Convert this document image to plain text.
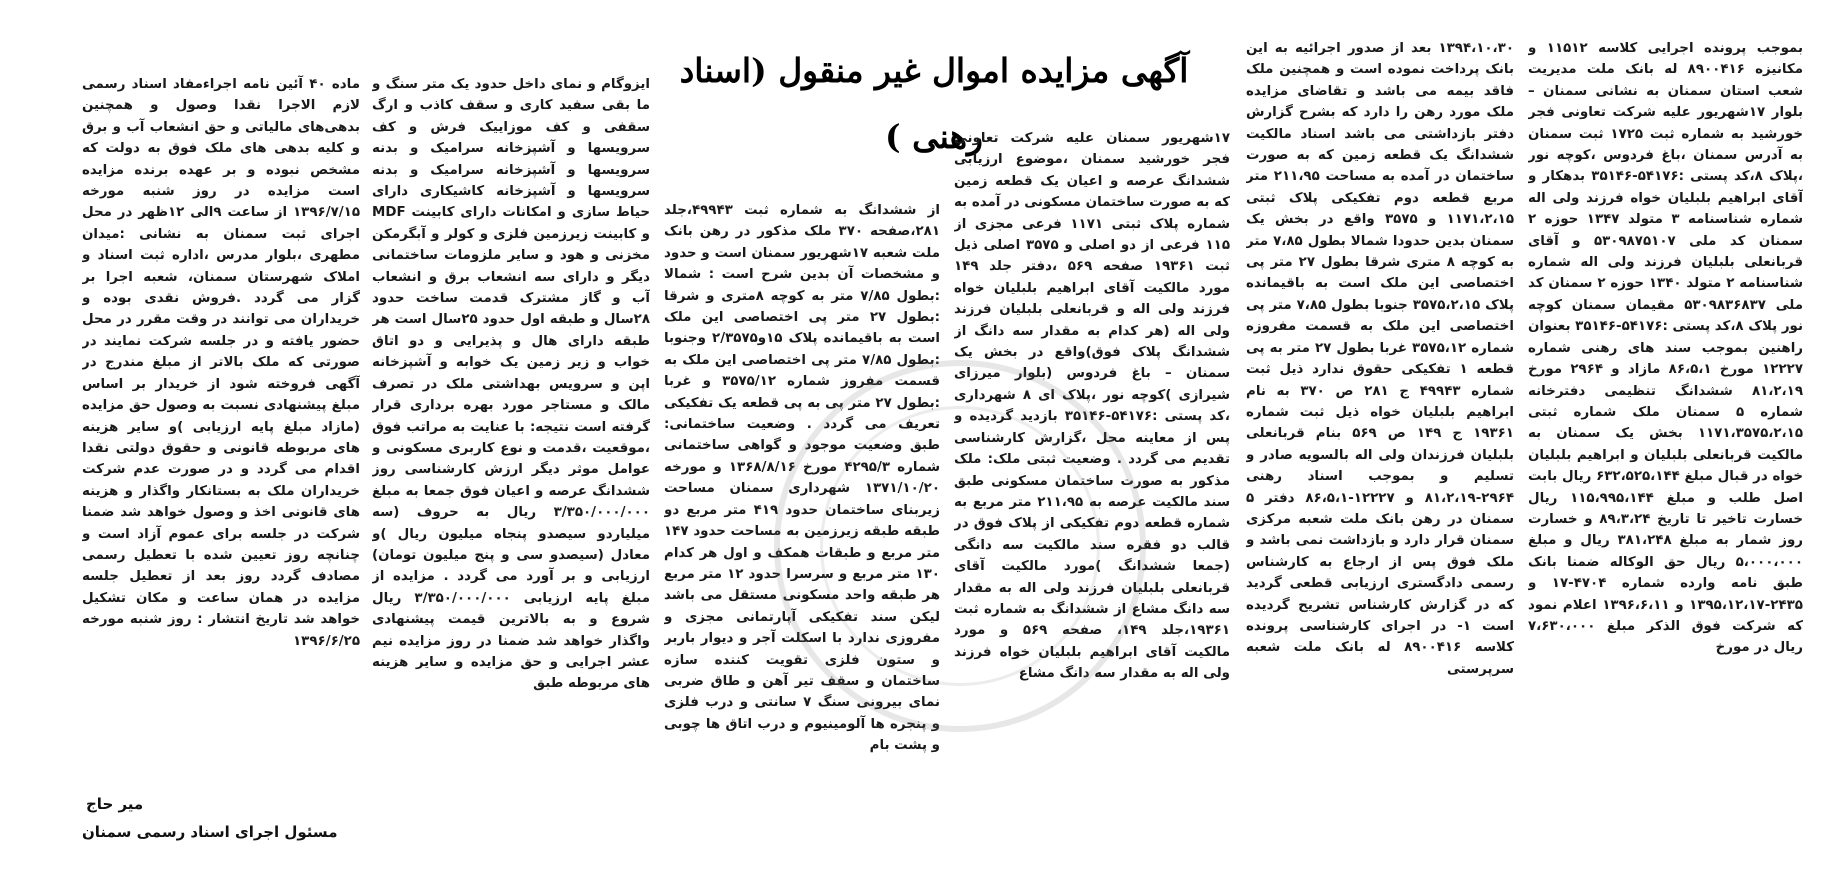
آگهی مزایده اموال غیر منقول (اسناد رهنی )

بموجب پرونده اجرایی کلاسه ۱۱۵۱۲ و مکانیزه ۸۹۰۰۴۱۶ له بانک ملت مدیریت شعب استان سمنان به نشانی سمنان – بلوار ۱۷شهریور علیه شرکت تعاونی فجر خورشید به شماره ثبت ۱۷۲۵ ثبت سمنان به آدرس سمنان ،باغ فردوس ،کوچه نور ،پلاک ۸،کد پستی :۵۴۱۷۶-۳۵۱۴۶ بدهکار و آقای ابراهیم بلبلیان خواه فرزند ولی اله شماره شناسنامه ۳ متولد ۱۳۴۷ حوزه ۲ سمنان کد ملی ۵۳۰۹۸۷۵۱۰۷ و آقای قربانعلی بلبلیان فرزند ولی اله شماره شناسنامه ۲ متولد ۱۳۴۰ حوزه ۲ سمنان کد ملی ۵۳۰۹۸۳۶۸۳۷ مقیمان سمنان کوچه نور پلاک ۸،کد پستی :۵۴۱۷۶-۳۵۱۴۶ بعنوان راهنین بموجب سند های رهنی شماره ۱۲۲۲۷ مورخ ۸۶،۵،۱ مازاد و ۲۹۶۴ مورخ ۸۱،۲،۱۹ ششدانگ تنظیمی دفترخانه شماره ۵ سمنان ملک شماره ثبتی ۱۱۷۱،۳۵۷۵،۲،۱۵ بخش یک سمنان به مالکیت قربانعلی بلبلیان و ابراهیم بلبلیان خواه در قبال مبلغ ۶۳۲،۵۲۵،۱۴۴ ریال بابت اصل طلب و مبلغ ۱۱۵،۹۹۵،۱۴۴ ریال خسارت تاخیر تا تاریخ ۸۹،۳،۲۴ و خسارت روز شمار به مبلغ ۳۸۱،۲۴۸ ریال و مبلغ ۵،۰۰۰،۰۰۰ ریال حق الوکاله ضمنا بانک طبق نامه وارده شماره ۴۷۰۴-۱۷ و ۲۴۳۵-۱۳۹۵،۱۲،۱۷ و ۱۳۹۶،۶،۱۱ اعلام نمود که شرکت فوق الذکر مبلغ ۷،۶۳۰،۰۰۰ ریال در مورخ

۱۳۹۴،۱۰،۳۰ بعد از صدور اجرائیه به این بانک پرداخت نموده است و همچنین ملک فاقد بیمه می باشد و تقاضای مزایده ملک مورد رهن را دارد که بشرح گزارش دفتر بازداشتی می باشد اسناد مالکیت ششدانگ یک قطعه زمین که به صورت ساختمان در آمده به مساحت ۲۱۱،۹۵ متر مربع قطعه دوم تفکیکی پلاک ثبتی ۱۱۷۱،۲،۱۵ و ۳۵۷۵ واقع در بخش یک سمنان بدین حدودا شمالا بطول ۷،۸۵ متر به کوچه ۸ متری شرقا بطول ۲۷ متر پی اختصاصی این ملک است به باقیمانده پلاک ۳۵۷۵،۲،۱۵ جنوبا بطول ۷،۸۵ متر پی اختصاصی این ملک به قسمت مفروزه شماره ۳۵۷۵،۱۲ غربا بطول ۲۷ متر به پی قطعه ۱ تفکیکی حقوق ندارد ذیل ثبت شماره ۴۹۹۴۳ ج ۲۸۱ ص ۳۷۰ به نام ابراهیم بلبلیان خواه ذیل ثبت شماره ۱۹۳۶۱ ج ۱۴۹ ص ۵۶۹ بنام قربانعلی بلبلیان فرزندان ولی اله بالسویه صادر و تسلیم و بموجب اسناد رهنی ۲۹۶۴-۸۱،۲،۱۹ و ۱۲۲۲۷-۸۶،۵،۱ دفتر ۵ سمنان در رهن بانک ملت شعبه مرکزی سمنان قرار دارد و بازداشت نمی باشد و ملک فوق پس از ارجاع به کارشناس رسمی دادگستری ارزیابی قطعی گردید که در گزارش کارشناس تشریح گردیده است ۱- در اجرای کارشناسی پرونده کلاسه ۸۹۰۰۴۱۶ له بانک ملت شعبه سرپرستی

۱۷شهریور سمنان علیه شرکت تعاونی فجر خورشید سمنان ،موضوع ارزیابی ششدانگ عرصه و اعیان یک قطعه زمین که به صورت ساختمان مسکونی در آمده به شماره پلاک ثبتی ۱۱۷۱ فرعی مجزی از ۱۱۵ فرعی از دو اصلی و ۳۵۷۵ اصلی ذیل ثبت ۱۹۳۶۱ صفحه ۵۶۹ ،دفتر جلد ۱۴۹ مورد مالکیت آقای ابراهیم بلبلیان خواه فرزند ولی اله و قربانعلی بلبلیان فرزند ولی اله (هر کدام به مقدار سه دانگ از ششدانگ پلاک فوق)واقع در بخش یک سمنان – باغ فردوس (بلوار میرزای شیرازی )کوچه نور ،پلاک ای ۸ شهرداری ،کد پستی :۵۴۱۷۶-۳۵۱۴۶ بازدید گردیده و پس از معاینه محل ،گزارش کارشناسی تقدیم می گردد . وضعیت ثبتی ملک: ملک مذکور به صورت ساختمان مسکونی طبق سند مالکیت عرصه به ۲۱۱،۹۵ متر مربع به شماره قطعه دوم تفکیکی از پلاک فوق در قالب دو فقره سند مالکیت سه دانگی (جمعا ششدانگ )مورد مالکیت آقای قربانعلی بلبلیان فرزند ولی اله به مقدار سه دانگ مشاع از ششدانگ به شماره ثبت ۱۹۳۶۱،جلد ۱۴۹، صفحه ۵۶۹ و مورد مالکیت آقای ابراهیم بلبلیان خواه فرزند ولی اله به مقدار سه دانگ مشاع

از ششدانگ به شماره ثبت ۴۹۹۴۳،جلد ۲۸۱،صفحه ۳۷۰ ملک مذکور در رهن بانک ملت شعبه ۱۷شهریور سمنان است و حدود و مشخصات آن بدین شرح است : شمالا :بطول ۷/۸۵ متر به کوچه ۸متری و شرقا :بطول ۲۷ متر پی اختصاصی این ملک است به باقیمانده پلاک ۱۵و۲/۳۵۷۵ وجنوبا :بطول ۷/۸۵ متر پی اختصاصی این ملک به قسمت مفروز شماره ۳۵۷۵/۱۲ و غربا :بطول ۲۷ متر پی به پی قطعه یک تفکیکی تعریف می گردد . وضعیت ساختمانی: طبق وضعیت موجود و گواهی ساختمانی شماره ۴۲۹۵/۳ مورخ ۱۳۶۸/۸/۱۶ و مورخه ۱۳۷۱/۱۰/۲۰ شهرداری سمنان مساحت زیربنای ساختمان حدود ۴۱۹ متر مربع دو طبقه طبقه زیرزمین به مساحت حدود ۱۴۷ متر مربع و طبقات همکف و اول هر کدام ۱۳۰ متر مربع و سرسرا حدود ۱۲ متر مربع هر طبقه واحد مسکونی مستقل می باشد لیکن سند تفکیکی آپارتمانی مجزی و مفروزی ندارد با اسکلت آجر و دیوار باربر و ستون فلزی تقویت کننده سازه ساختمان و سقف تیر آهن و طاق ضربی نمای بیرونی سنگ ۷ سانتی و درب فلزی و پنجره ها آلومینیوم و درب اتاق ها چوبی و پشت بام

ایزوگام و نمای داخل حدود یک متر سنگ و ما بقی سفید کاری و سقف کاذب و ارگ سقفی و کف موزاییک فرش و کف سرویسها و آشپزخانه سرامیک و بدنه سرویسها و آشپزخانه سرامیک و بدنه سرویسها و آشپزخانه کاشیکاری دارای حیاط سازی و امکانات دارای کابینت MDF و کابینت زیرزمین فلزی و کولر و آبگرمکن مخزنی و هود و سایر ملزومات ساختمانی دیگر و دارای سه انشعاب برق و انشعاب آب و گاز مشترک قدمت ساخت حدود ۲۸سال و طبقه اول حدود ۲۵سال است هر طبقه دارای هال و پذیرایی و دو اتاق خواب و زیر زمین یک خوابه و آشپزخانه اپن و سرویس بهداشتی ملک در تصرف مالک و مستاجر مورد بهره برداری قرار گرفته است نتیجه: با عنایت به مراتب فوق ،موقعیت ،قدمت و نوع کاربری مسکونی و عوامل موثر دیگر ارزش کارشناسی روز ششدانگ عرصه و اعیان فوق جمعا به مبلغ ۳/۳۵۰/۰۰۰/۰۰۰ ریال به حروف (سه میلیاردو سیصدو پنجاه میلیون ریال )و معادل (سیصدو سی و پنج میلیون تومان) ارزیابی و بر آورد می گردد . مزایده از مبلغ پایه ارزیابی ۳/۳۵۰/۰۰۰/۰۰۰ ریال شروع و به بالاترین قیمت پیشنهادی واگذار خواهد شد ضمنا در روز مزایده نیم عشر اجرایی و حق مزایده و سایر هزینه های مربوطه طبق

ماده ۴۰ آئین نامه اجراءمفاد اسناد رسمی لازم الاجرا نقدا وصول و همچنین بدهی‌های مالیاتی و حق انشعاب آب و برق و کلیه بدهی های ملک فوق به دولت که مشخص نبوده و بر عهده برنده مزایده است مزایده در روز شنبه مورخه ۱۳۹۶/۷/۱۵ از ساعت ۹الی ۱۲ظهر در محل اجرای ثبت سمنان به نشانی :میدان مطهری ،بلوار مدرس ،اداره ثبت اسناد و املاک شهرستان سمنان، شعبه اجرا بر گزار می گردد .فروش نقدی بوده و خریداران می توانند در وقت مقرر در محل حضور یافته و در جلسه شرکت نمایند در صورتی که ملک بالاتر از مبلغ مندرج در آگهی فروخته شود از خریدار بر اساس مبلغ پیشنهادی نسبت به وصول حق مزایده (مازاد مبلغ پایه ارزیابی )و سایر هزینه های مربوطه قانونی و حقوق دولتی نقدا اقدام می گردد و در صورت عدم شرکت خریداران ملک به بستانکار واگذار و هزینه های قانونی اخذ و وصول خواهد شد ضمنا شرکت در جلسه برای عموم آزاد است و چنانچه روز تعیین شده با تعطیل رسمی مصادف گردد روز بعد از تعطیل جلسه مزایده در همان ساعت و مکان تشکیل خواهد شد تاریخ انتشار : روز شنبه مورخه ۱۳۹۶/۶/۲۵

میر حاج
مسئول اجرای اسناد رسمی سمنان
